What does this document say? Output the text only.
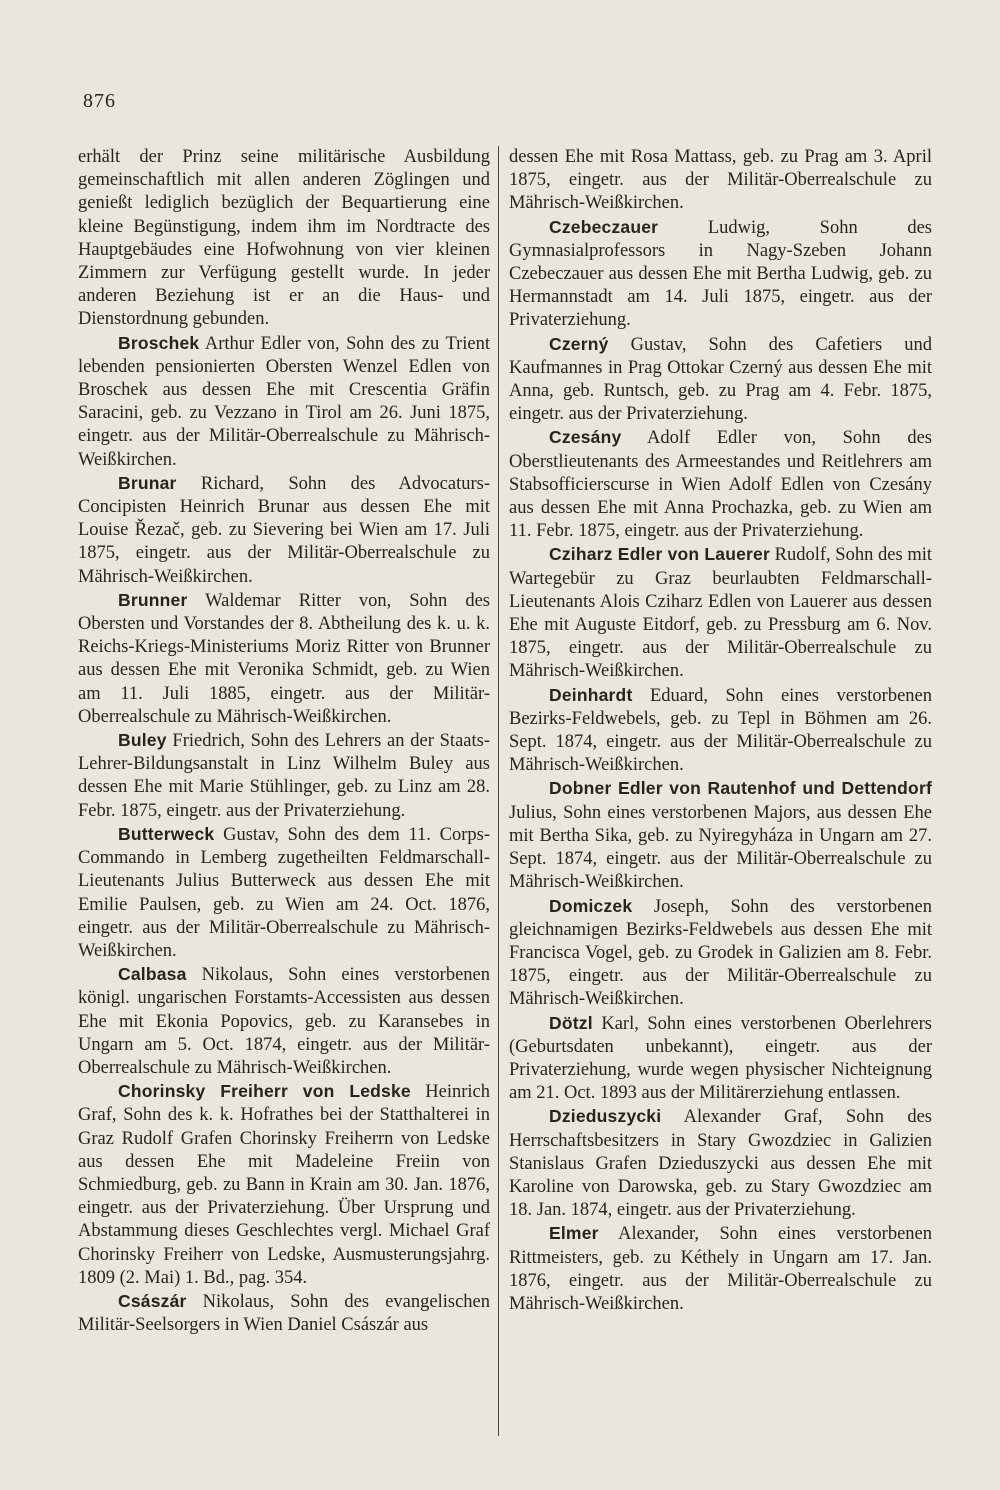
876

erhält der Prinz seine militärische Ausbildung gemeinschaftlich mit allen anderen Zöglingen und genießt lediglich bezüglich der Bequartierung eine kleine Begünstigung, indem ihm im Nordtracte des Hauptgebäudes eine Hofwohnung von vier kleinen Zimmern zur Verfügung gestellt wurde. In jeder anderen Beziehung ist er an die Haus- und Dienstordnung gebunden.

Broschek Arthur Edler von, Sohn des zu Trient lebenden pensionierten Obersten Wenzel Edlen von Broschek aus dessen Ehe mit Crescentia Gräfin Saracini, geb. zu Vezzano in Tirol am 26. Juni 1875, eingetr. aus der Militär-Oberrealschule zu Mährisch-Weißkirchen.

Brunar Richard, Sohn des Advocaturs-Concipisten Heinrich Brunar aus dessen Ehe mit Louise Řezač, geb. zu Sievering bei Wien am 17. Juli 1875, eingetr. aus der Militär-Oberrealschule zu Mährisch-Weißkirchen.

Brunner Waldemar Ritter von, Sohn des Obersten und Vorstandes der 8. Abtheilung des k. u. k. Reichs-Kriegs-Ministeriums Moriz Ritter von Brunner aus dessen Ehe mit Veronika Schmidt, geb. zu Wien am 11. Juli 1885, eingetr. aus der Militär-Oberrealschule zu Mährisch-Weißkirchen.

Buley Friedrich, Sohn des Lehrers an der Staats-Lehrer-Bildungsanstalt in Linz Wilhelm Buley aus dessen Ehe mit Marie Stühlinger, geb. zu Linz am 28. Febr. 1875, eingetr. aus der Privaterziehung.

Butterweck Gustav, Sohn des dem 11. Corps-Commando in Lemberg zugetheilten Feldmarschall-Lieutenants Julius Butterweck aus dessen Ehe mit Emilie Paulsen, geb. zu Wien am 24. Oct. 1876, eingetr. aus der Militär-Oberrealschule zu Mährisch-Weißkirchen.

Calbasa Nikolaus, Sohn eines verstorbenen königl. ungarischen Forstamts-Accessisten aus dessen Ehe mit Ekonia Popovics, geb. zu Karansebes in Ungarn am 5. Oct. 1874, eingetr. aus der Militär-Oberrealschule zu Mährisch-Weißkirchen.

Chorinsky Freiherr von Ledske Heinrich Graf, Sohn des k. k. Hofrathes bei der Statthalterei in Graz Rudolf Grafen Chorinsky Freiherrn von Ledske aus dessen Ehe mit Madeleine Freiin von Schmiedburg, geb. zu Bann in Krain am 30. Jan. 1876, eingetr. aus der Privaterziehung. Über Ursprung und Abstammung dieses Geschlechtes vergl. Michael Graf Chorinsky Freiherr von Ledske, Ausmusterungsjahrg. 1809 (2. Mai) 1. Bd., pag. 354.

Császár Nikolaus, Sohn des evangelischen Militär-Seelsorgers in Wien Daniel Császár aus

dessen Ehe mit Rosa Mattass, geb. zu Prag am 3. April 1875, eingetr. aus der Militär-Oberrealschule zu Mährisch-Weißkirchen.

Czebeczauer Ludwig, Sohn des Gymnasialprofessors in Nagy-Szeben Johann Czebeczauer aus dessen Ehe mit Bertha Ludwig, geb. zu Hermannstadt am 14. Juli 1875, eingetr. aus der Privaterziehung.

Czerný Gustav, Sohn des Cafetiers und Kaufmannes in Prag Ottokar Czerný aus dessen Ehe mit Anna, geb. Runtsch, geb. zu Prag am 4. Febr. 1875, eingetr. aus der Privaterziehung.

Czesány Adolf Edler von, Sohn des Oberstlieutenants des Armeestandes und Reitlehrers am Stabsofficierscurse in Wien Adolf Edlen von Czesány aus dessen Ehe mit Anna Prochazka, geb. zu Wien am 11. Febr. 1875, eingetr. aus der Privaterziehung.

Cziharz Edler von Lauerer Rudolf, Sohn des mit Wartegebür zu Graz beurlaubten Feldmarschall-Lieutenants Alois Cziharz Edlen von Lauerer aus dessen Ehe mit Auguste Eitdorf, geb. zu Pressburg am 6. Nov. 1875, eingetr. aus der Militär-Oberrealschule zu Mährisch-Weißkirchen.

Deinhardt Eduard, Sohn eines verstorbenen Bezirks-Feldwebels, geb. zu Tepl in Böhmen am 26. Sept. 1874, eingetr. aus der Militär-Oberrealschule zu Mährisch-Weißkirchen.

Dobner Edler von Rautenhof und Dettendorf Julius, Sohn eines verstorbenen Majors, aus dessen Ehe mit Bertha Sika, geb. zu Nyiregyháza in Ungarn am 27. Sept. 1874, eingetr. aus der Militär-Oberrealschule zu Mährisch-Weißkirchen.

Domiczek Joseph, Sohn des verstorbenen gleichnamigen Bezirks-Feldwebels aus dessen Ehe mit Francisca Vogel, geb. zu Grodek in Galizien am 8. Febr. 1875, eingetr. aus der Militär-Oberrealschule zu Mährisch-Weißkirchen.

Dötzl Karl, Sohn eines verstorbenen Oberlehrers (Geburtsdaten unbekannt), eingetr. aus der Privaterziehung, wurde wegen physischer Nichteignung am 21. Oct. 1893 aus der Militärerziehung entlassen.

Dzieduszycki Alexander Graf, Sohn des Herrschaftsbesitzers in Stary Gwozdziec in Galizien Stanislaus Grafen Dzieduszycki aus dessen Ehe mit Karoline von Darowska, geb. zu Stary Gwozdziec am 18. Jan. 1874, eingetr. aus der Privaterziehung.

Elmer Alexander, Sohn eines verstorbenen Rittmeisters, geb. zu Kéthely in Ungarn am 17. Jan. 1876, eingetr. aus der Militär-Oberrealschule zu Mährisch-Weißkirchen.
